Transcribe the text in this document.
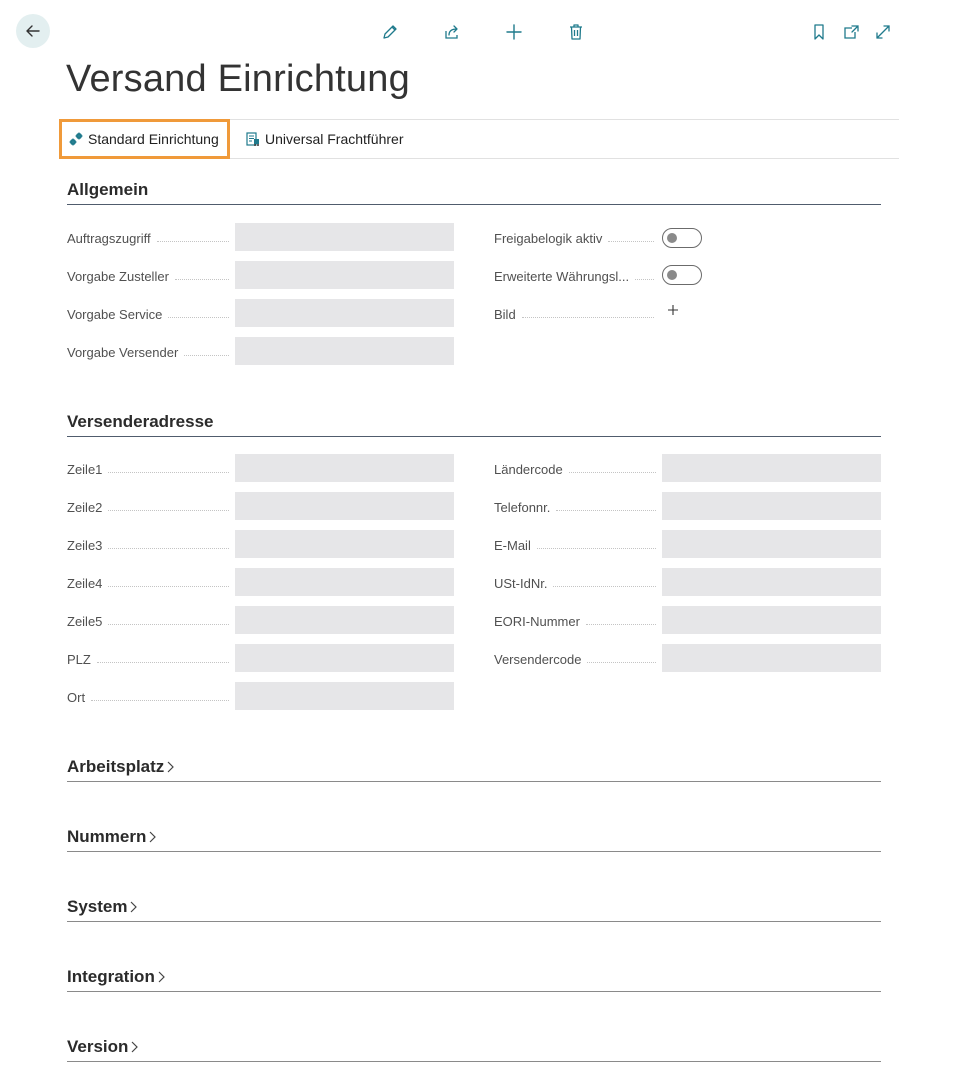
Versand Einrichtung
Standard Einrichtung	Universal Frachtführer
Allgemein
Auftragszugriff
Vorgabe Zusteller
Vorgabe Service
Vorgabe Versender
Freigabelogik aktiv
Erweiterte Währungsl...
Bild
Versenderadresse
Zeile1
Zeile2
Zeile3
Zeile4
Zeile5
PLZ
Ort
Ländercode
Telefonnr.
E-Mail
USt-IdNr.
EORI-Nummer
Versendercode
Arbeitsplatz
Nummern
System
Integration
Version
